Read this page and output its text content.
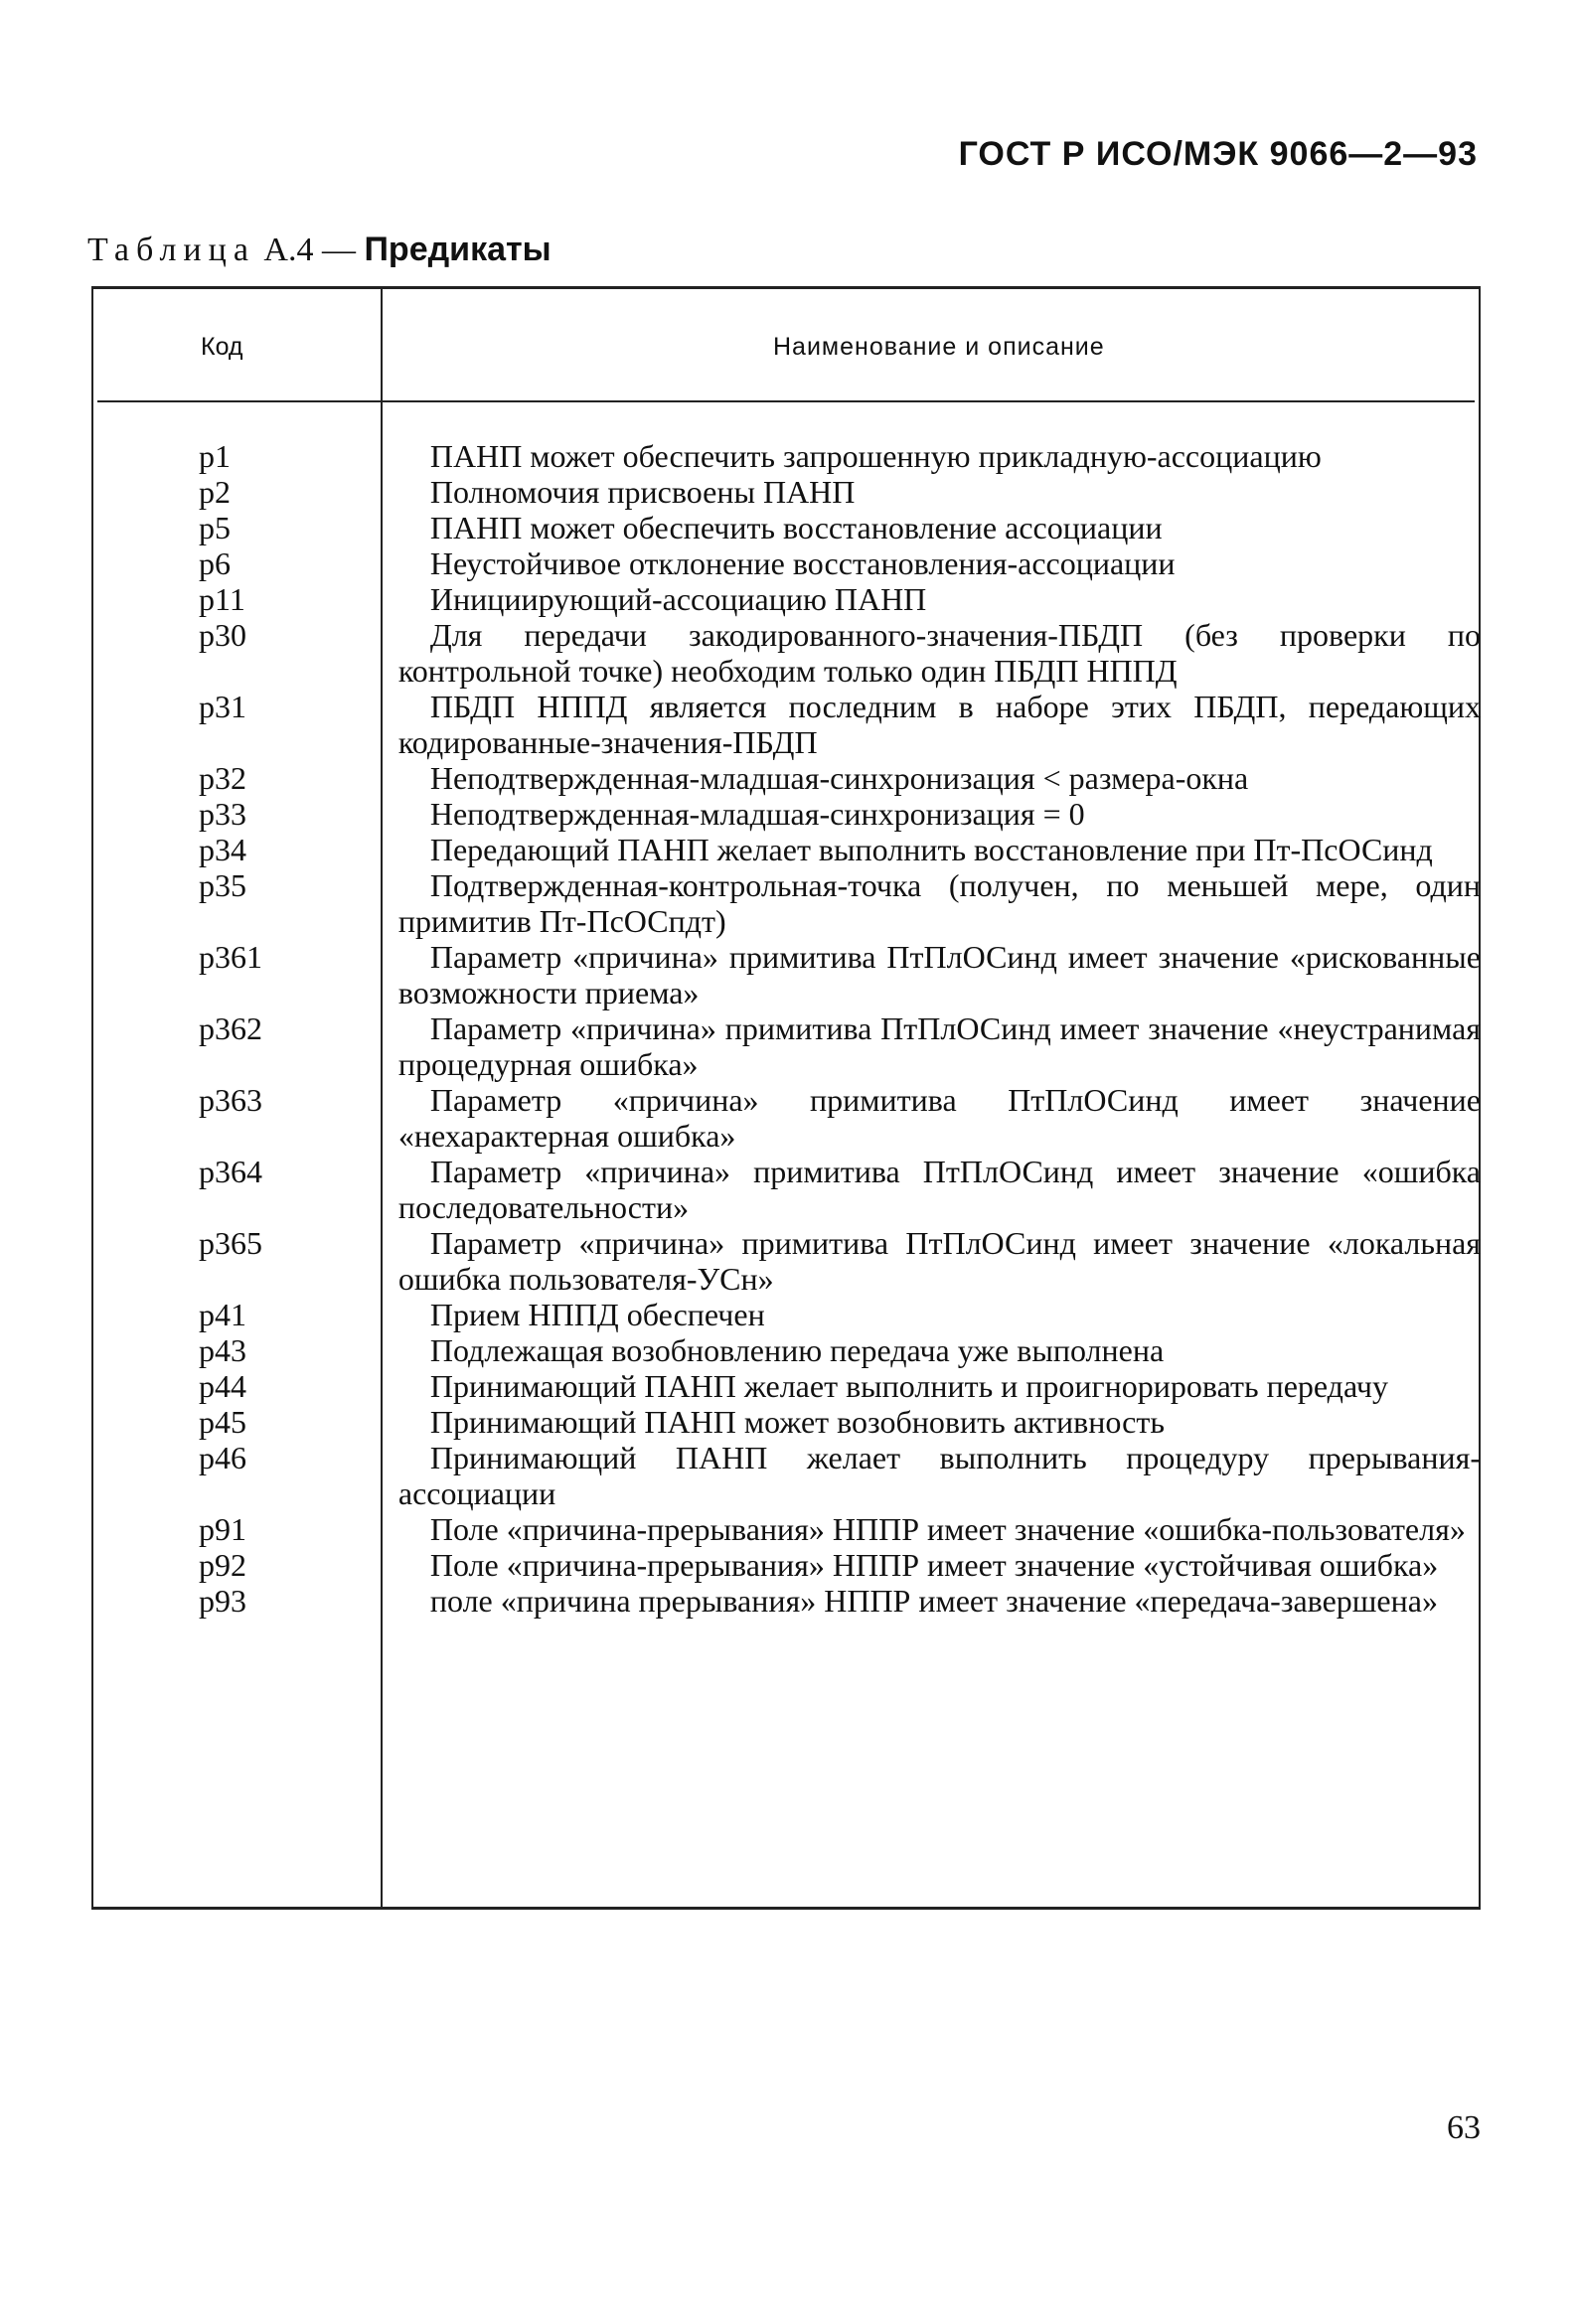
ГОСТ Р ИСО/МЭК 9066—2—93
Таблица А.4 — Предикаты
Код	Наименование и описание
p1	ПАНП может обеспечить запрошенную прикладную-ассоциацию
p2	Полномочия присвоены ПАНП
p5	ПАНП может обеспечить восстановление ассоциации
p6	Неустойчивое отклонение восстановления-ассоциации
p11	Инициирующий-ассоциацию ПАНП
p30	Для передачи закодированного-значения-ПБДП (без проверки по контрольной точке) необходим только один ПБДП НППД
p31	ПБДП НППД является последним в наборе этих ПБДП, передающих кодированные-значения-ПБДП
p32	Неподтвержденная-младшая-синхронизация < размера-окна
p33	Неподтвержденная-младшая-синхронизация = 0
p34	Передающий ПАНП желает выполнить восстановление при Пт-ПсОСинд
p35	Подтвержденная-контрольная-точка (получен, по меньшей мере, один примитив Пт-ПсОСпдт)
p361	Параметр «причина» примитива ПтПлОСинд имеет значение «рискованные возможности приема»
p362	Параметр «причина» примитива ПтПлОСинд имеет значение «неустранимая процедурная ошибка»
p363	Параметр «причина» примитива ПтПлОСинд имеет значение «нехарактерная ошибка»
p364	Параметр «причина» примитива ПтПлОСинд имеет значение «ошибка последовательности»
p365	Параметр «причина» примитива ПтПлОСинд имеет значение «локальная ошибка пользователя-УСн»
p41	Прием НППД обеспечен
p43	Подлежащая возобновлению передача уже выполнена
p44	Принимающий ПАНП желает выполнить и проигнорировать передачу
p45	Принимающий ПАНП может возобновить активность
p46	Принимающий ПАНП желает выполнить процедуру прерывания-ассоциации
p91	Поле «причина-прерывания» НППР имеет значение «ошибка-пользователя»
p92	Поле «причина-прерывания» НППР имеет значение «устойчивая ошибка»
p93	поле «причина прерывания» НППР имеет значение «передача-завершена»
63
